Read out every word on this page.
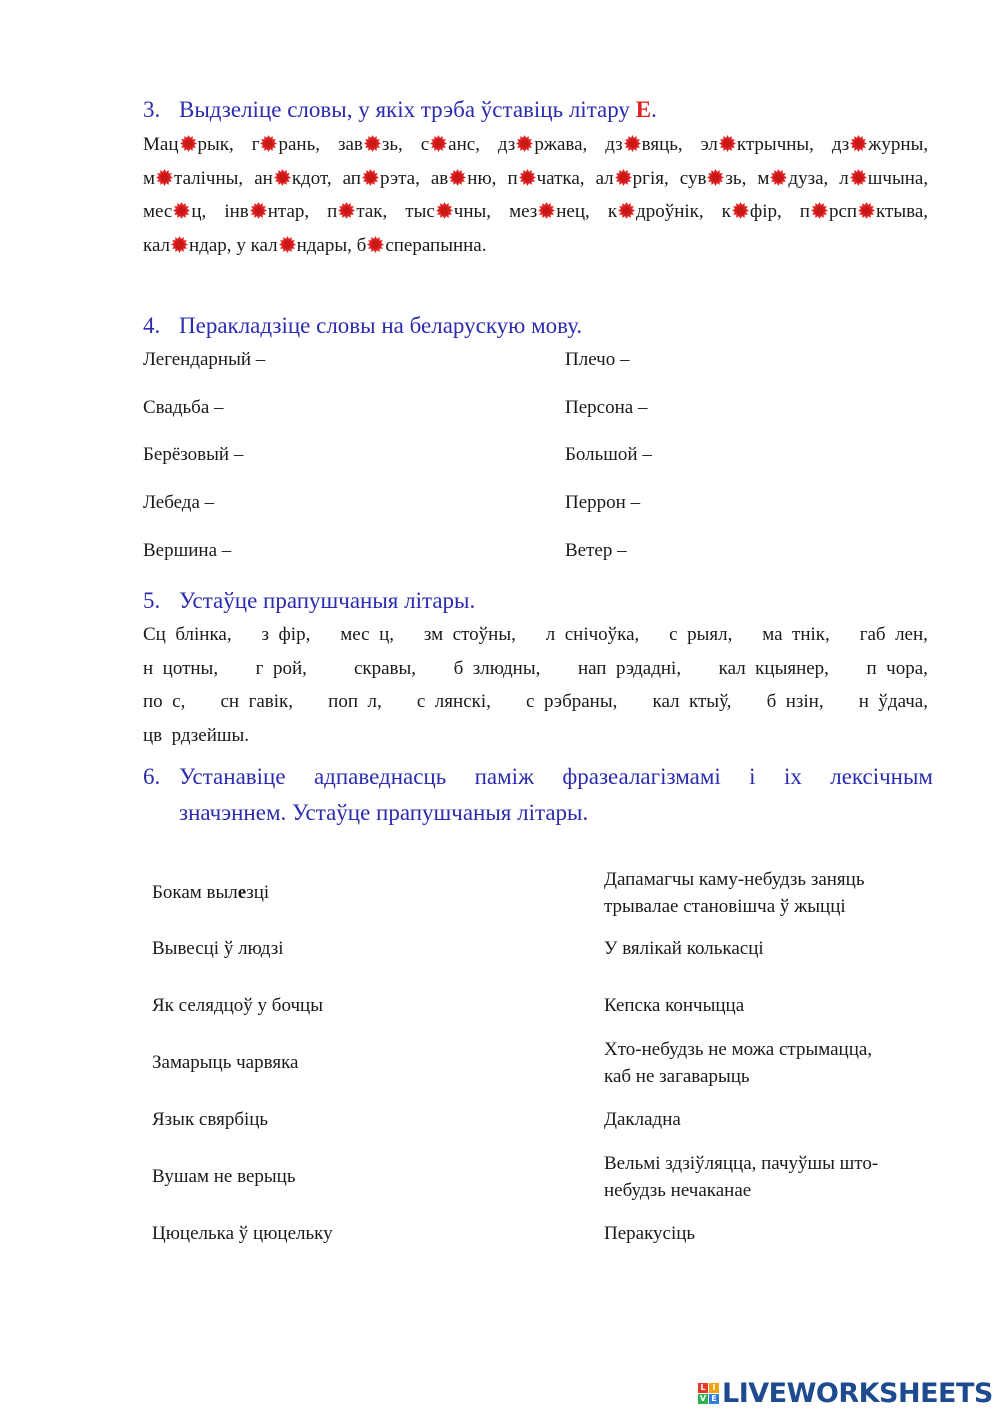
3. Выдзеліце словы, у якіх трэба ўставіць літару Е.
Мац рык, г рань, зав зь, с анс, дз ржава, дз вяць, эл ктрычны, дз журны, м талічны, ан кдот, ап рэта, ав ню, п чатка, ал ргія, сув зь, м дуза, л шчына, мес ц, інв нтар, п так, тыс чны, мез нец, к дроўнік, к фір, п рсп ктыва, кал ндар, у кал ндары, б сперапынна.
4. Перакладзіце словы на беларускую мову.
Легендарный –
Свадьба –
Берёзовый –
Лебеда –
Вершина –
Плечо –
Персона –
Большой –
Перрон –
Ветер –
5. Устаўце прапушчаныя літары.
Сц  блінка, з  фір, мес  ц, зм  стоўны, л  снічоўка, с  рыял, ма  тнік, габ  лен,
н  цотны, г  рой, скравы, б  злюдны, нап  рэдадні, кал  кцыянер, п  чора,
по  с, сн  гавік, поп  л, с  лянскі, с  рэбраны, кал  ктыў, б  нзін, н  ўдача,
цв  рдзейшы.
6. Устанавіце адпаведнасць паміж фразеалагізмамі і іх лексічным
значэннем. Устаўце прапушчаныя літары.
Бокам вылезці
Вывесці ў людзі
Як селядцоў у бочцы
Замарыць чарвяка
Язык свярбіць
Вушам не верыць
Цюцелька ў цюцельку
Дапамагчы каму-небудзь заняць
трывалае становішча ў жыцці
У вялікай колькасці
Кепска кончыцца
Хто-небудзь не можа стрымацца,
каб не загаварыць
Дакладна
Вельмі здзіўляцца, пачуўшы што-
небудзь нечаканае
Перакусіць
L I
V E LIVEWORKSHEETS
